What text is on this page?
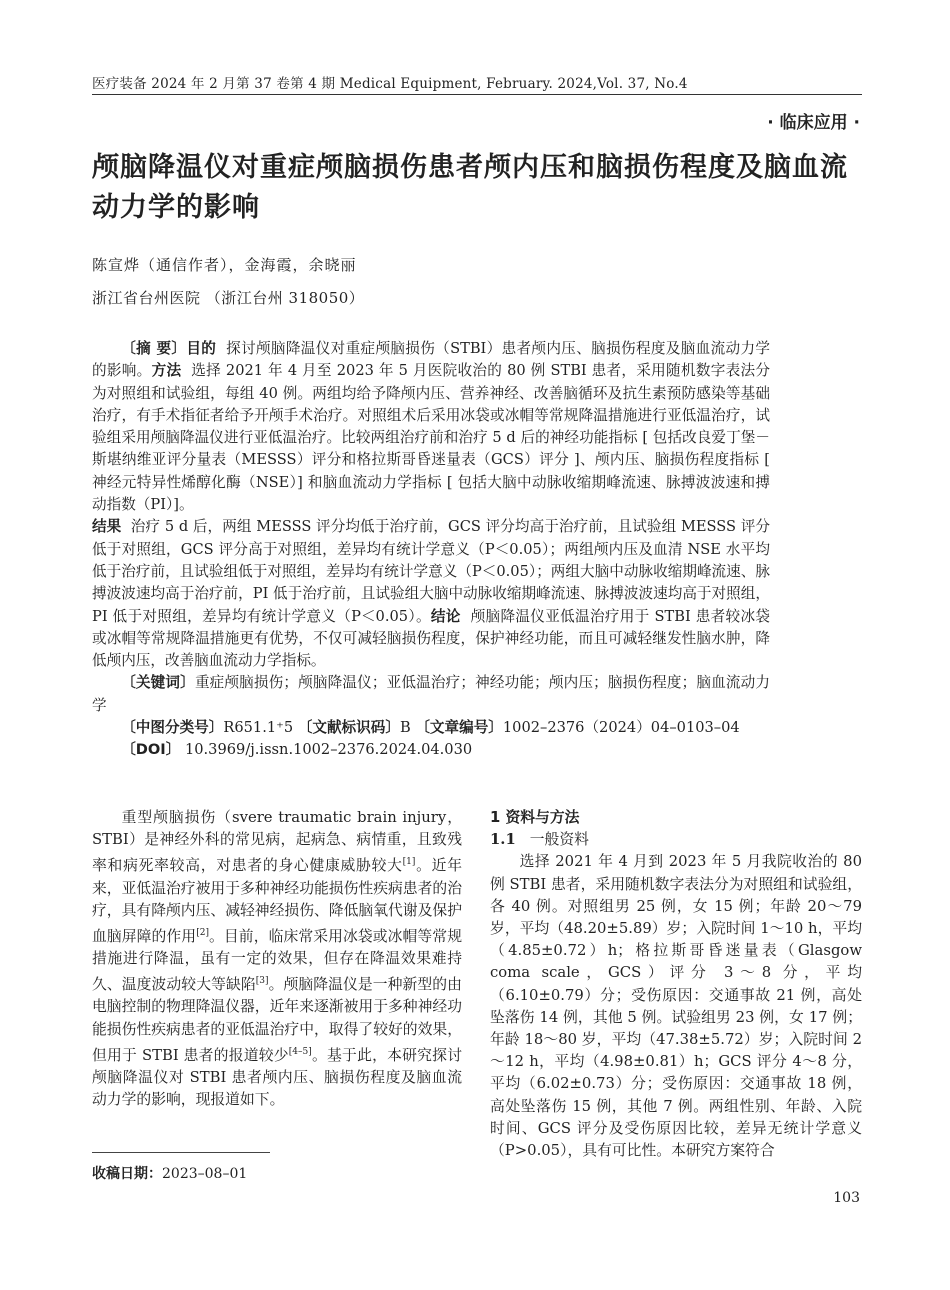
医疗装备 2024 年 2 月第 37 卷第 4 期 Medical Equipment, February. 2024,Vol. 37, No.4
· 临床应用 ·
颅脑降温仪对重症颅脑损伤患者颅内压和脑损伤程度及脑血流动力学的影响
陈宣烨（通信作者），金海霞，余晓丽
浙江省台州医院 （浙江台州 318050）

〔摘 要〕目的 探讨颅脑降温仪对重症颅脑损伤（STBI）患者颅内压、脑损伤程度及脑血流动力学的影响。方法 选择 2021 年 4 月至 2023 年 5 月医院收治的 80 例 STBI 患者，采用随机数字表法分为对照组和试验组，每组 40 例。两组均给予降颅内压、营养神经、改善脑循环及抗生素预防感染等基础治疗，有手术指征者给予开颅手术治疗。对照组术后采用冰袋或冰帽等常规降温措施进行亚低温治疗，试验组采用颅脑降温仪进行亚低温治疗。比较两组治疗前和治疗 5 d 后的神经功能指标 [ 包括改良爱丁堡－斯堪纳维亚评分量表（MESSS）评分和格拉斯哥昏迷量表（GCS）评分 ]、颅内压、脑损伤程度指标 [ 神经元特异性烯醇化酶（NSE）] 和脑血流动力学指标 [ 包括大脑中动脉收缩期峰流速、脉搏波波速和搏动指数（PI）]。

结果 治疗 5 d 后，两组 MESSS 评分均低于治疗前，GCS 评分均高于治疗前，且试验组 MESSS 评分低于对照组，GCS 评分高于对照组，差异均有统计学意义（P＜0.05）；两组颅内压及血清 NSE 水平均低于治疗前，且试验组低于对照组，差异均有统计学意义（P＜0.05）；两组大脑中动脉收缩期峰流速、脉搏波波速均高于治疗前，PI 低于治疗前，且试验组大脑中动脉收缩期峰流速、脉搏波波速均高于对照组，PI 低于对照组，差异均有统计学意义（P＜0.05）。结论 颅脑降温仪亚低温治疗用于 STBI 患者较冰袋或冰帽等常规降温措施更有优势，不仅可减轻脑损伤程度，保护神经功能，而且可减轻继发性脑水肿，降低颅内压，改善脑血流动力学指标。

〔关键词〕重症颅脑损伤；颅脑降温仪；亚低温治疗；神经功能；颅内压；脑损伤程度；脑血流动力学

〔中图分类号〕R651.1⁺5 〔文献标识码〕B 〔文章编号〕1002–2376（2024）04–0103–04

〔DOI〕 10.3969/j.issn.1002–2376.2024.04.030

重型颅脑损伤（svere traumatic brain injury，STBI）是神经外科的常见病，起病急、病情重，且致残率和病死率较高，对患者的身心健康威胁较大[1]。近年来，亚低温治疗被用于多种神经功能损伤性疾病患者的治疗，具有降颅内压、减轻神经损伤、降低脑氧代谢及保护血脑屏障的作用[2]。目前，临床常采用冰袋或冰帽等常规措施进行降温，虽有一定的效果，但存在降温效果难持久、温度波动较大等缺陷[3]。颅脑降温仪是一种新型的由电脑控制的物理降温仪器，近年来逐渐被用于多种神经功能损伤性疾病患者的亚低温治疗中，取得了较好的效果，但用于 STBI 患者的报道较少[4–5]。基于此，本研究探讨颅脑降温仪对 STBI 患者颅内压、脑损伤程度及脑血流动力学的影响，现报道如下。

1 资料与方法
1.1 一般资料

选择 2021 年 4 月到 2023 年 5 月我院收治的 80 例 STBI 患者，采用随机数字表法分为对照组和试验组，各 40 例。对照组男 25 例，女 15 例；年龄 20～79 岁，平均（48.20±5.89）岁；入院时间 1～10 h，平均（4.85±0.72）h；格拉斯哥昏迷量表（Glasgow coma scale，GCS）评分 3～8 分，平均（6.10±0.79）分；受伤原因：交通事故 21 例，高处坠落伤 14 例，其他 5 例。试验组男 23 例，女 17 例；年龄 18～80 岁，平均（47.38±5.72）岁；入院时间 2～12 h，平均（4.98±0.81）h；GCS 评分 4～8 分，平均（6.02±0.73）分；受伤原因：交通事故 18 例，高处坠落伤 15 例，其他 7 例。两组性别、年龄、入院时间、GCS 评分及受伤原因比较，差异无统计学意义（P>0.05），具有可比性。本研究方案符合

收稿日期：2023–08–01
103
